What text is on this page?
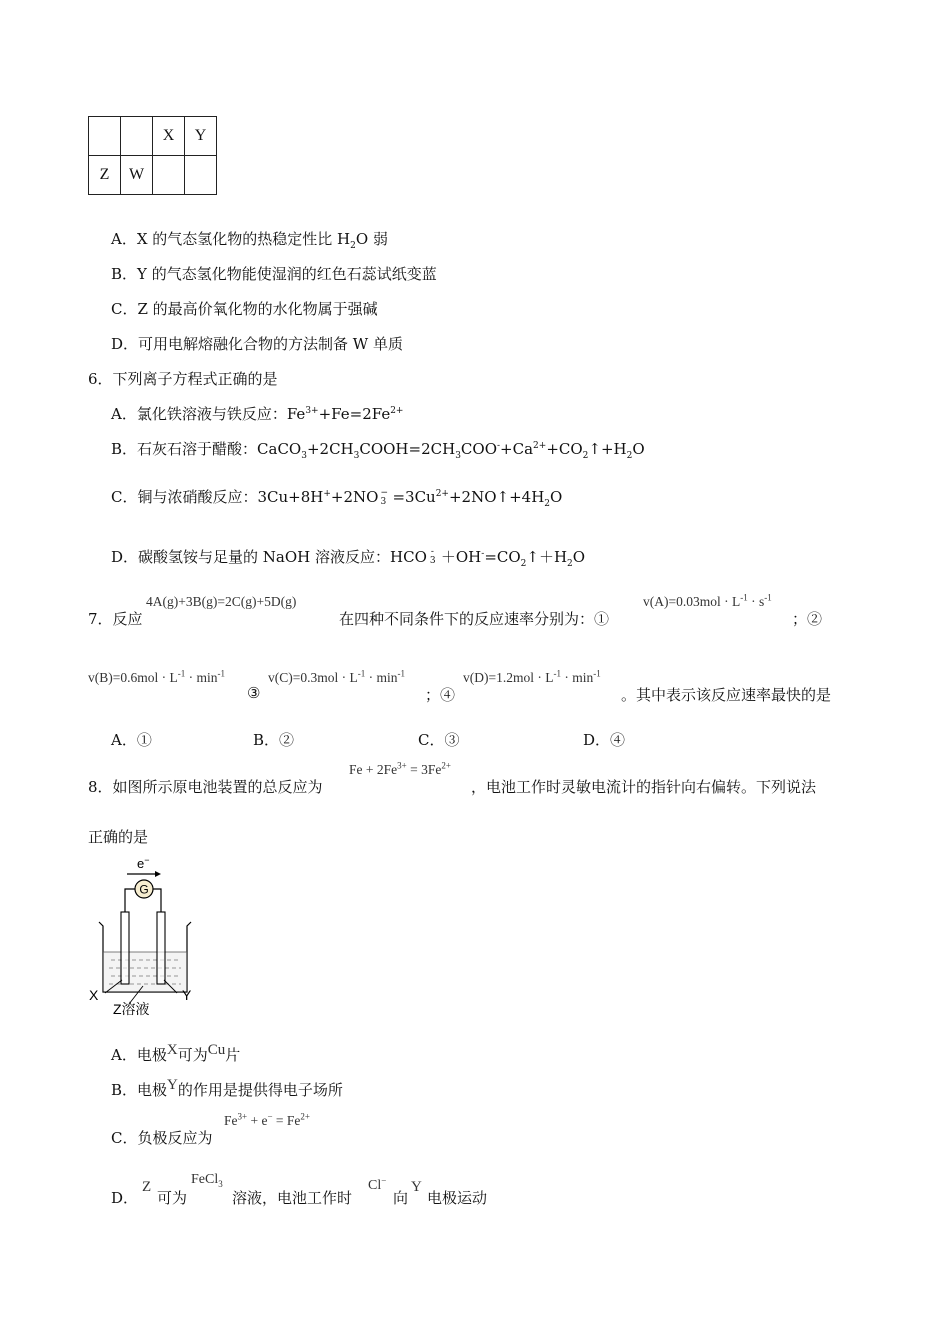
		X	Y
Z	W		
A．X 的气态氢化物的热稳定性比 $H_2O$ 弱
B．Y 的气态氢化物能使湿润的红色石蕊试纸变蓝
C．Z 的最高价氧化物的水化物属于强碱
D．可用电解熔融化合物的方法制备 W 单质
6．下列离子方程式正确的是
A．氯化铁溶液与铁反应：$Fe^{3+}+Fe=2Fe^{2+}$
B．石灰石溶于醋酸：$CaCO_3+2CH_3COOH=2CH_3COO^-+Ca^{2+}+CO_2↑+H_2O$
C．铜与浓硝酸反应：3Cu+8H++2NO −
$3 =3Cu^{2+}+2NO↑+4H_2O$
D．碳酸氢铵与足量的 NaOH 溶液反应：HCO -
$3 +OH^-=CO_2↑+H_2O$
7．反应
4A(g)+3B(g)=2C(g)+5D(g)
在四种不同条件下的反应速率分别为：①
$v(A)=0.03mol \cdot L^{-1} \cdot s^{-1}$
；②
$v(B)=0.6mol \cdot L^{-1} \cdot \min^{-1}$
③
$v(C)=0.3mol \cdot L^{-1} \cdot \min^{-1}$
；④
$v(D)=1.2mol \cdot L^{-1} \cdot \min^{-1}$
。其中表示该反应速率最快的是
A．①	B．②	C．③	D．④
8．如图所示原电池装置的总反应为
$Fe + 2Fe^{3+} = 3Fe^{2+}$
，电池工作时灵敏电流计的指针向右偏转。下列说法
正确的是
e−
G
X	Y
Z溶液
A．电极X可为Cu片
B．电极Y的作用是提供得电子场所
C．负极反应为
$Fe^{3+} + e^- = Fe^{2+}$
D．
Z
可为
FeCl$_3$
溶液，电池工作时
Cl−
向
Y
电极运动
